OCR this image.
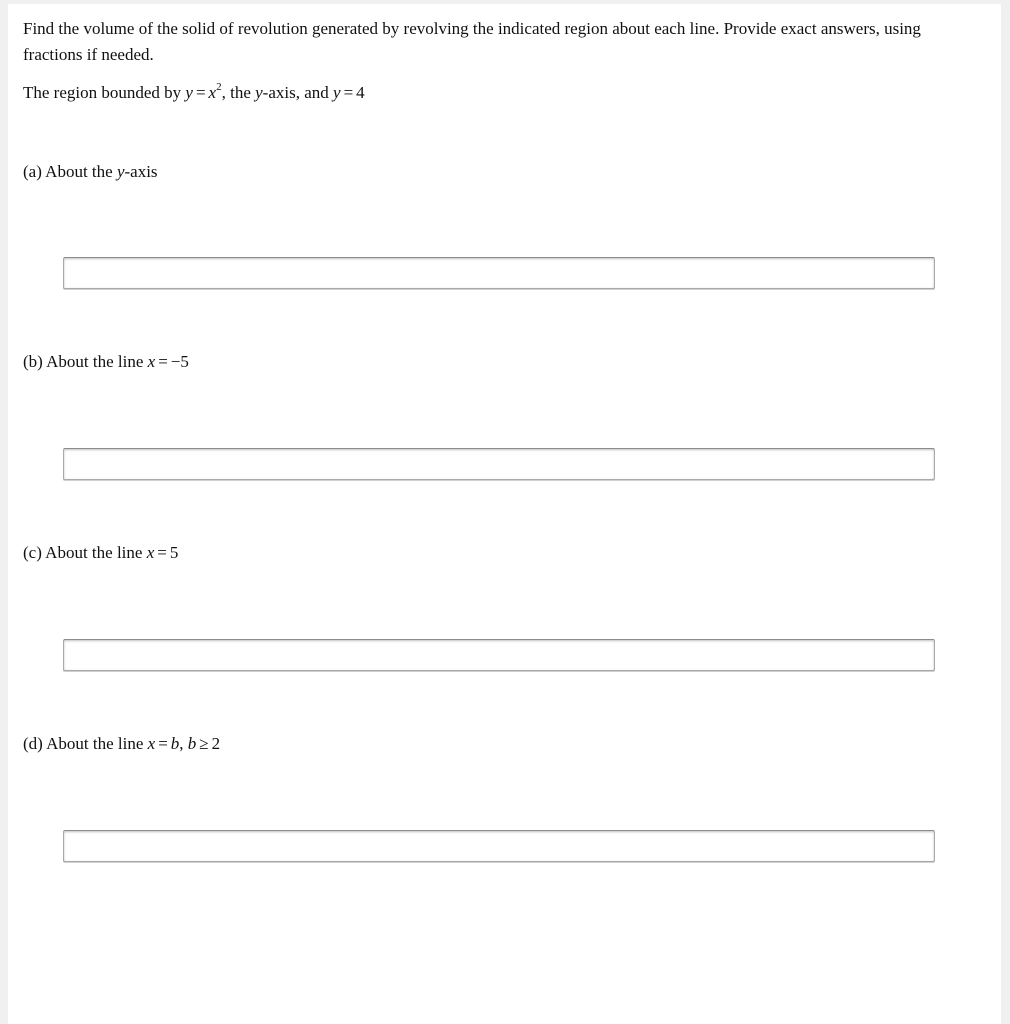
Find the volume of the solid of revolution generated by revolving the indicated region about each line. Provide exact answers, using fractions if needed.

The region bounded by $y = x^2$, the y-axis, and y = 4

(a) About the y-axis

(b) About the line x = −5

(c) About the line x = 5

(d) About the line x = b, b ≥ 2
